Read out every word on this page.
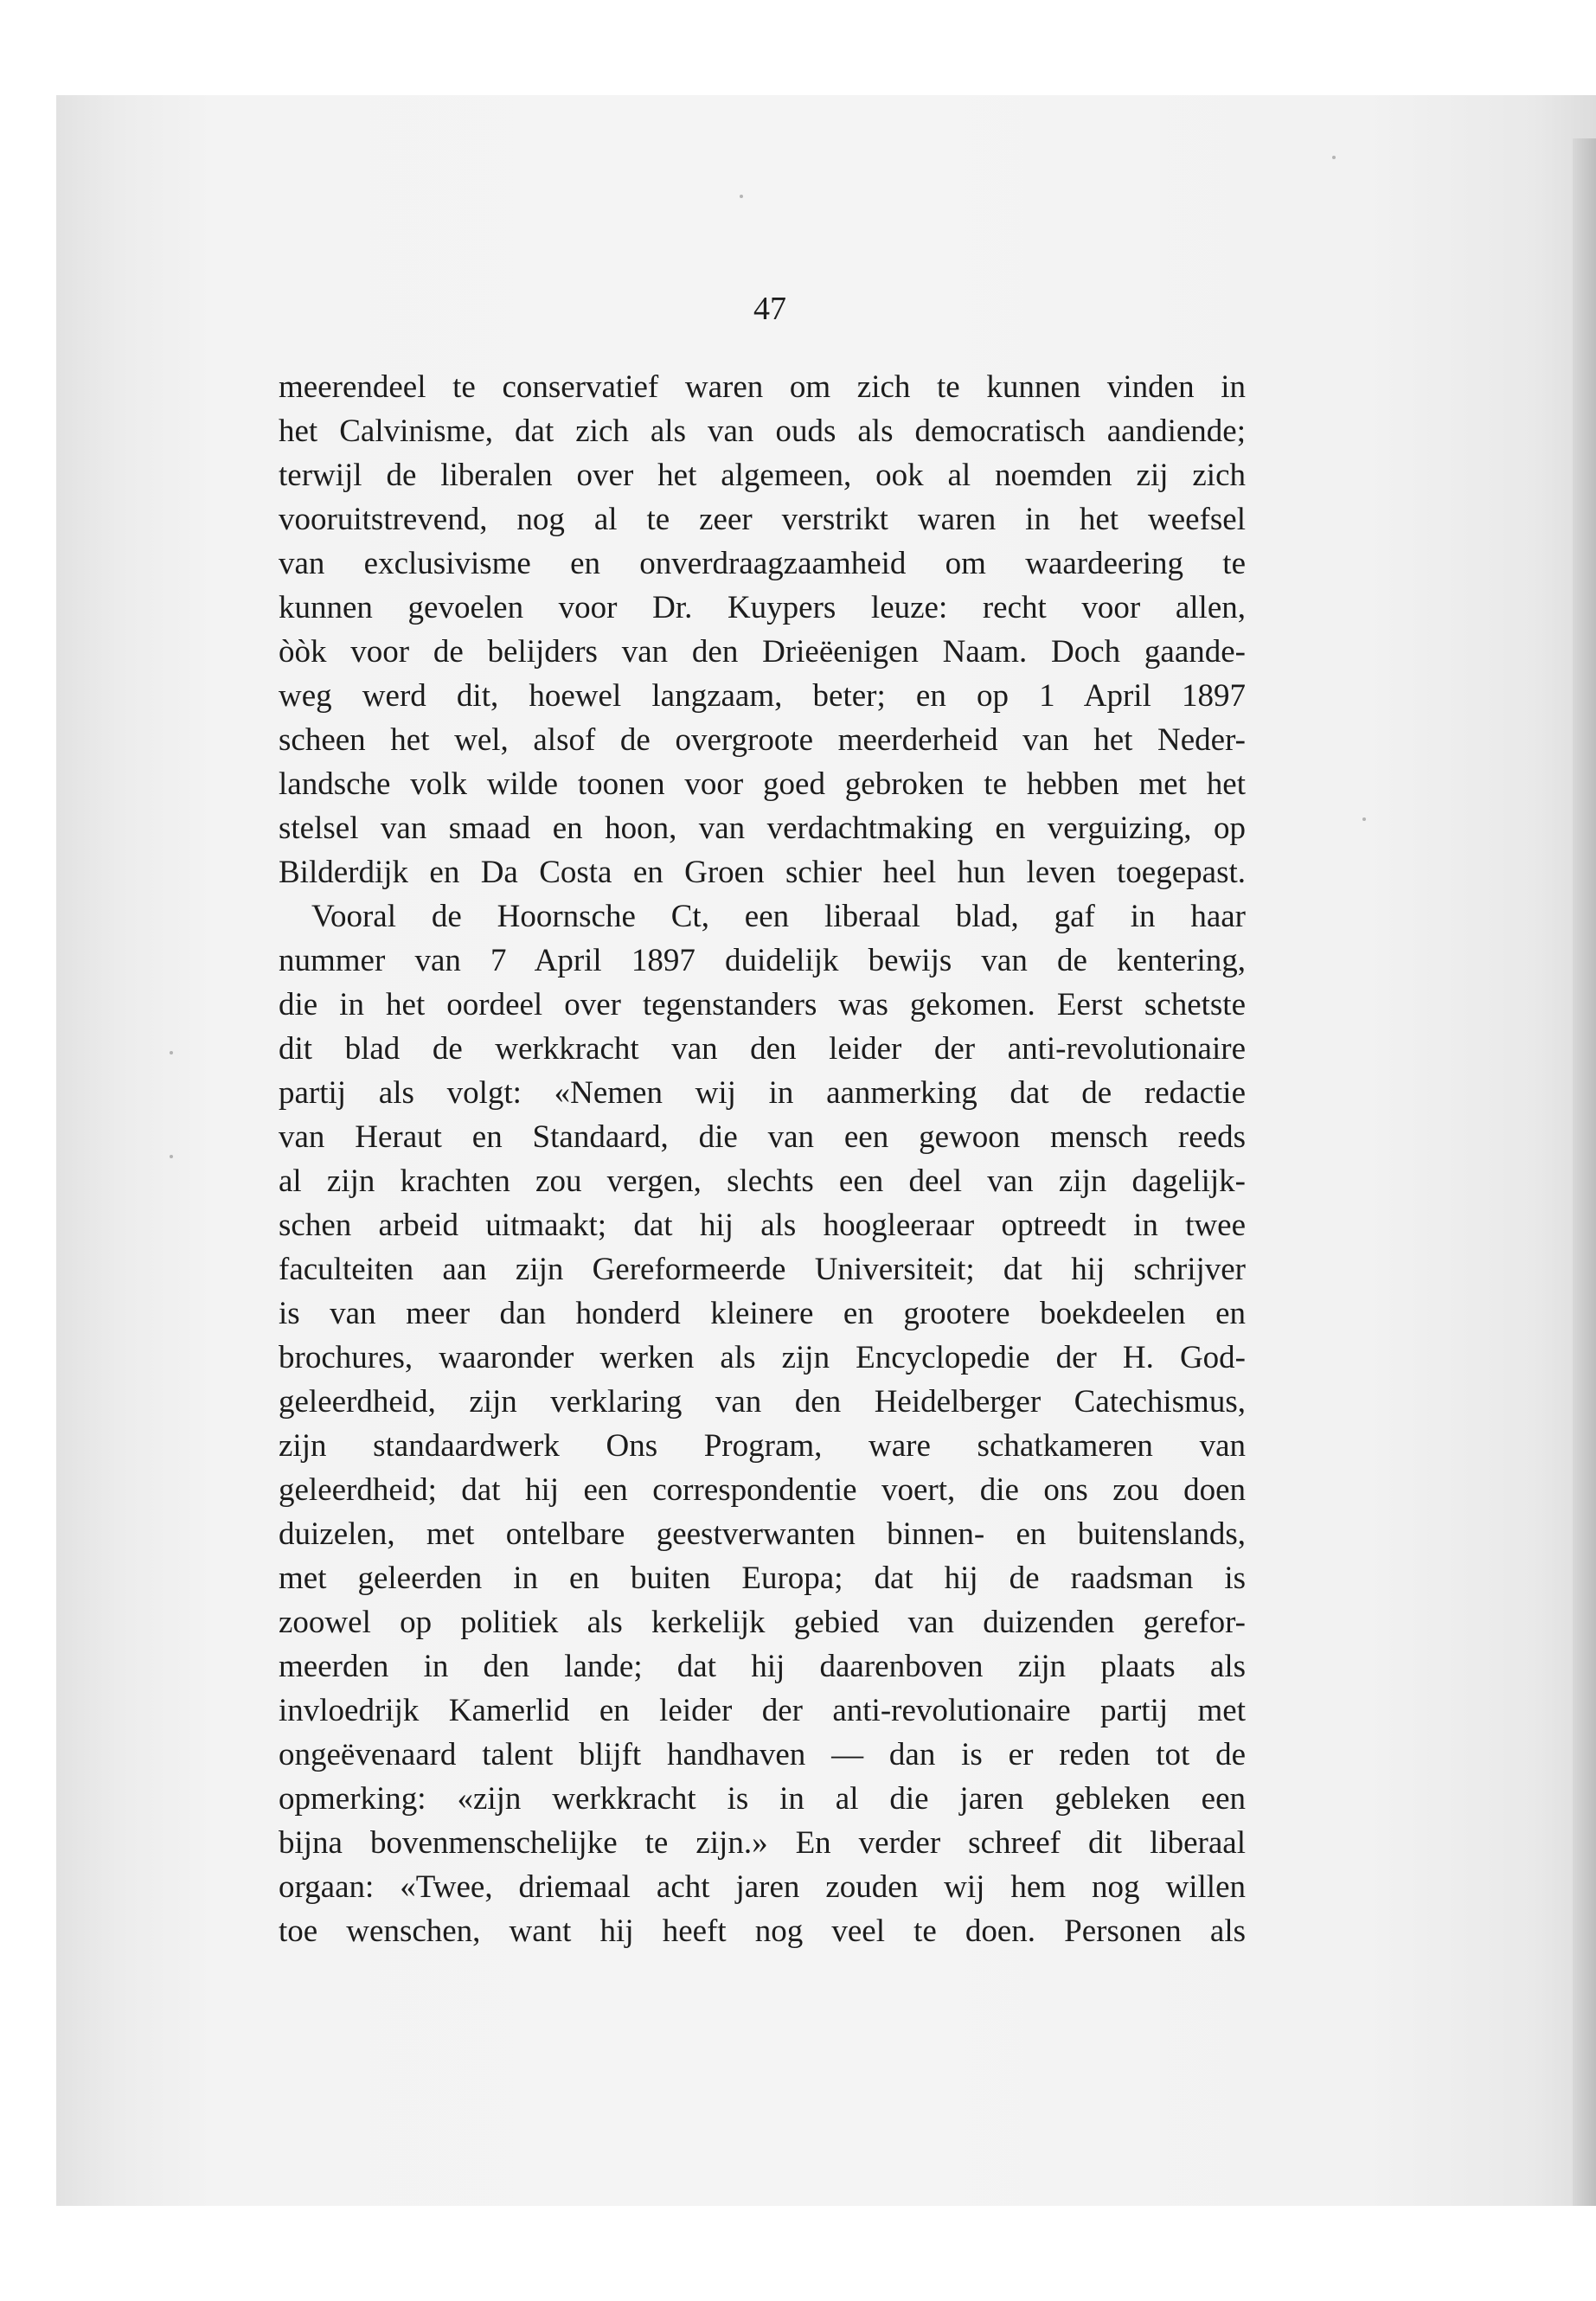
47
meerendeel te conservatief waren om zich te kunnen vinden in
het Calvinisme, dat zich als van ouds als democratisch aandiende;
terwijl de liberalen over het algemeen, ook al noemden zij zich
vooruitstrevend, nog al te zeer verstrikt waren in het weefsel
van exclusivisme en onverdraagzaamheid om waardeering te
kunnen gevoelen voor Dr. Kuypers leuze: recht voor allen,
òòk voor de belijders van den Drieëenigen Naam. Doch gaande-
weg werd dit, hoewel langzaam, beter; en op 1 April 1897
scheen het wel, alsof de overgroote meerderheid van het Neder-
landsche volk wilde toonen voor goed gebroken te hebben met het
stelsel van smaad en hoon, van verdachtmaking en verguizing, op
Bilderdijk en Da Costa en Groen schier heel hun leven toegepast.
Vooral de Hoornsche Ct, een liberaal blad, gaf in haar
nummer van 7 April 1897 duidelijk bewijs van de kentering,
die in het oordeel over tegenstanders was gekomen. Eerst schetste
dit blad de werkkracht van den leider der anti-revolutionaire
partij als volgt: «Nemen wij in aanmerking dat de redactie
van Heraut en Standaard, die van een gewoon mensch reeds
al zijn krachten zou vergen, slechts een deel van zijn dagelijk-
schen arbeid uitmaakt; dat hij als hoogleeraar optreedt in twee
faculteiten aan zijn Gereformeerde Universiteit; dat hij schrijver
is van meer dan honderd kleinere en grootere boekdeelen en
brochures, waaronder werken als zijn Encyclopedie der H. God-
geleerdheid, zijn verklaring van den Heidelberger Catechismus,
zijn standaardwerk Ons Program, ware schatkameren van
geleerdheid; dat hij een correspondentie voert, die ons zou doen
duizelen, met ontelbare geestverwanten binnen- en buitenslands,
met geleerden in en buiten Europa; dat hij de raadsman is
zoowel op politiek als kerkelijk gebied van duizenden gerefor-
meerden in den lande; dat hij daarenboven zijn plaats als
invloedrijk Kamerlid en leider der anti-revolutionaire partij met
ongeëvenaard talent blijft handhaven — dan is er reden tot de
opmerking: «zijn werkkracht is in al die jaren gebleken een
bijna bovenmenschelijke te zijn.» En verder schreef dit liberaal
orgaan: «Twee, driemaal acht jaren zouden wij hem nog willen
toe wenschen, want hij heeft nog veel te doen. Personen als
